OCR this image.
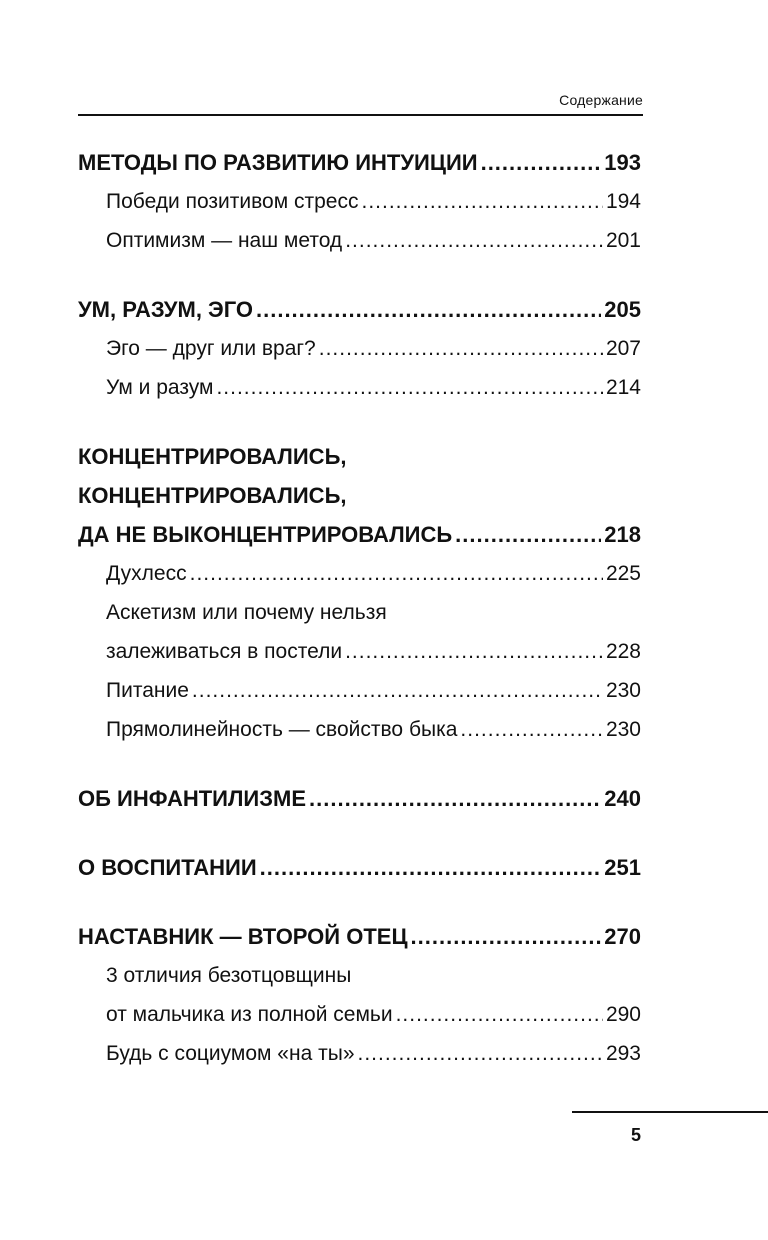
Содержание
МЕТОДЫ ПО РАЗВИТИЮ ИНТУИЦИИ .....	193
Победи позитивом стресс .....	194
Оптимизм — наш метод .....	201
УМ, РАЗУМ, ЭГО .....	205
Эго — друг или враг? .....	207
Ум и разум .....	214
КОНЦЕНТРИРОВАЛИСЬ,
КОНЦЕНТРИРОВАЛИСЬ,
ДА НЕ ВЫКОНЦЕНТРИРОВАЛИСЬ .....	218
Духлесс .....	225
Аскетизм или почему нельзя
залеживаться в постели .....	228
Питание .....	230
Прямолинейность — свойство быка .....	230
ОБ ИНФАНТИЛИЗМЕ .....	240
О ВОСПИТАНИИ .....	251
НАСТАВНИК — ВТОРОЙ ОТЕЦ .....	270
3 отличия безотцовщины
от мальчика из полной семьи .....	290
Будь с социумом «на ты» .....	293
5
